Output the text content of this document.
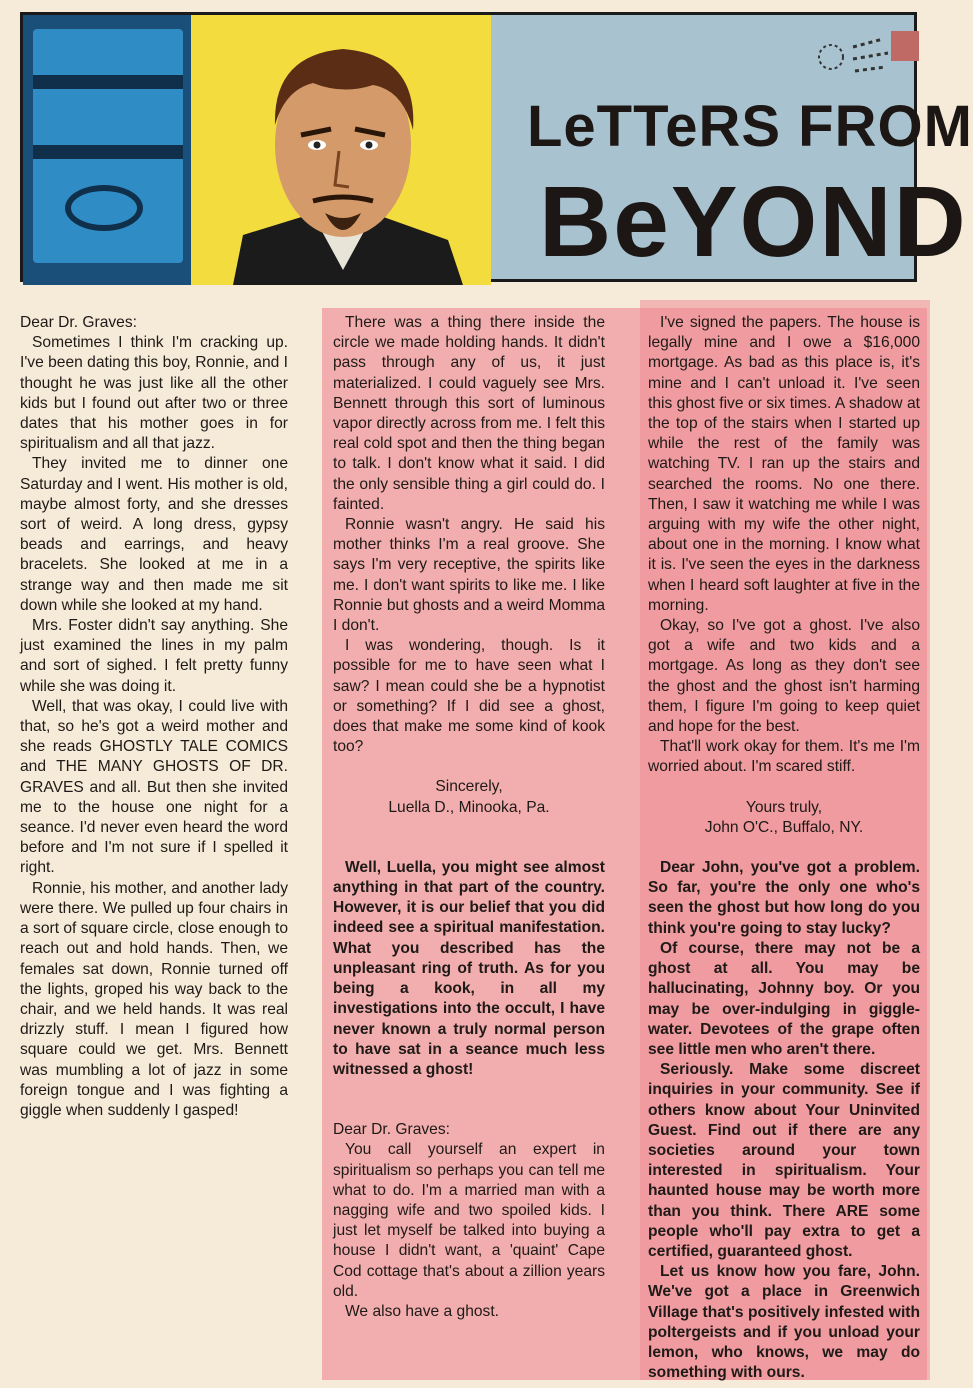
LeTTeRS FROM
BeYOND

Dear Dr. Graves:

Sometimes I think I'm cracking up. I've been dating this boy, Ronnie, and I thought he was just like all the other kids but I found out after two or three dates that his mother goes in for spiritualism and all that jazz.

They invited me to dinner one Saturday and I went. His mother is old, maybe almost forty, and she dresses sort of weird. A long dress, gypsy beads and earrings, and heavy bracelets. She looked at me in a strange way and then made me sit down while she looked at my hand.

Mrs. Foster didn't say anything. She just examined the lines in my palm and sort of sighed. I felt pretty funny while she was doing it.

Well, that was okay, I could live with that, so he's got a weird mother and she reads GHOSTLY TALE COMICS and THE MANY GHOSTS OF DR. GRAVES and all. But then she invited me to the house one night for a seance. I'd never even heard the word before and I'm not sure if I spelled it right.

Ronnie, his mother, and another lady were there. We pulled up four chairs in a sort of square circle, close enough to reach out and hold hands. Then, we females sat down, Ronnie turned off the lights, groped his way back to the chair, and we held hands. It was real drizzly stuff. I mean I figured how square could we get. Mrs. Bennett was mumbling a lot of jazz in some foreign tongue and I was fighting a giggle when suddenly I gasped!

There was a thing there inside the circle we made holding hands. It didn't pass through any of us, it just materialized. I could vaguely see Mrs. Bennett through this sort of luminous vapor directly across from me. I felt this real cold spot and then the thing began to talk. I don't know what it said. I did the only sensible thing a girl could do. I fainted.

Ronnie wasn't angry. He said his mother thinks I'm a real groove. She says I'm very receptive, the spirits like me. I don't want spirits to like me. I like Ronnie but ghosts and a weird Momma I don't.

I was wondering, though. Is it possible for me to have seen what I saw? I mean could she be a hypnotist or something? If I did see a ghost, does that make me some kind of kook too?

Sincerely,

Luella D., Minooka, Pa.

Well, Luella, you might see almost anything in that part of the country. However, it is our belief that you did indeed see a spiritual manifestation. What you described has the unpleasant ring of truth. As for you being a kook, in all my investigations into the occult, I have never known a truly normal person to have sat in a seance much less witnessed a ghost!

Dear Dr. Graves:

You call yourself an expert in spiritualism so perhaps you can tell me what to do. I'm a married man with a nagging wife and two spoiled kids. I just let myself be talked into buying a house I didn't want, a 'quaint' Cape Cod cottage that's about a zillion years old.

We also have a ghost.

I've signed the papers. The house is legally mine and I owe a $16,000 mortgage. As bad as this place is, it's mine and I can't unload it. I've seen this ghost five or six times. A shadow at the top of the stairs when I started up while the rest of the family was watching TV. I ran up the stairs and searched the rooms. No one there. Then, I saw it watching me while I was arguing with my wife the other night, about one in the morning. I know what it is. I've seen the eyes in the darkness when I heard soft laughter at five in the morning.

Okay, so I've got a ghost. I've also got a wife and two kids and a mortgage. As long as they don't see the ghost and the ghost isn't harming them, I figure I'm going to keep quiet and hope for the best.

That'll work okay for them. It's me I'm worried about. I'm scared stiff.

Yours truly,

John O'C., Buffalo, NY.

Dear John, you've got a problem. So far, you're the only one who's seen the ghost but how long do you think you're going to stay lucky?

Of course, there may not be a ghost at all. You may be hallucinating, Johnny boy. Or you may be over-indulging in giggle-water. Devotees of the grape often see little men who aren't there.

Seriously. Make some discreet inquiries in your community. See if others know about Your Uninvited Guest. Find out if there are any societies around your town interested in spiritualism. Your haunted house may be worth more than you think. There ARE some people who'll pay extra to get a certified, guaranteed ghost.

Let us know how you fare, John. We've got a place in Greenwich Village that's positively infested with poltergeists and if you unload your lemon, who knows, we may do something with ours.
